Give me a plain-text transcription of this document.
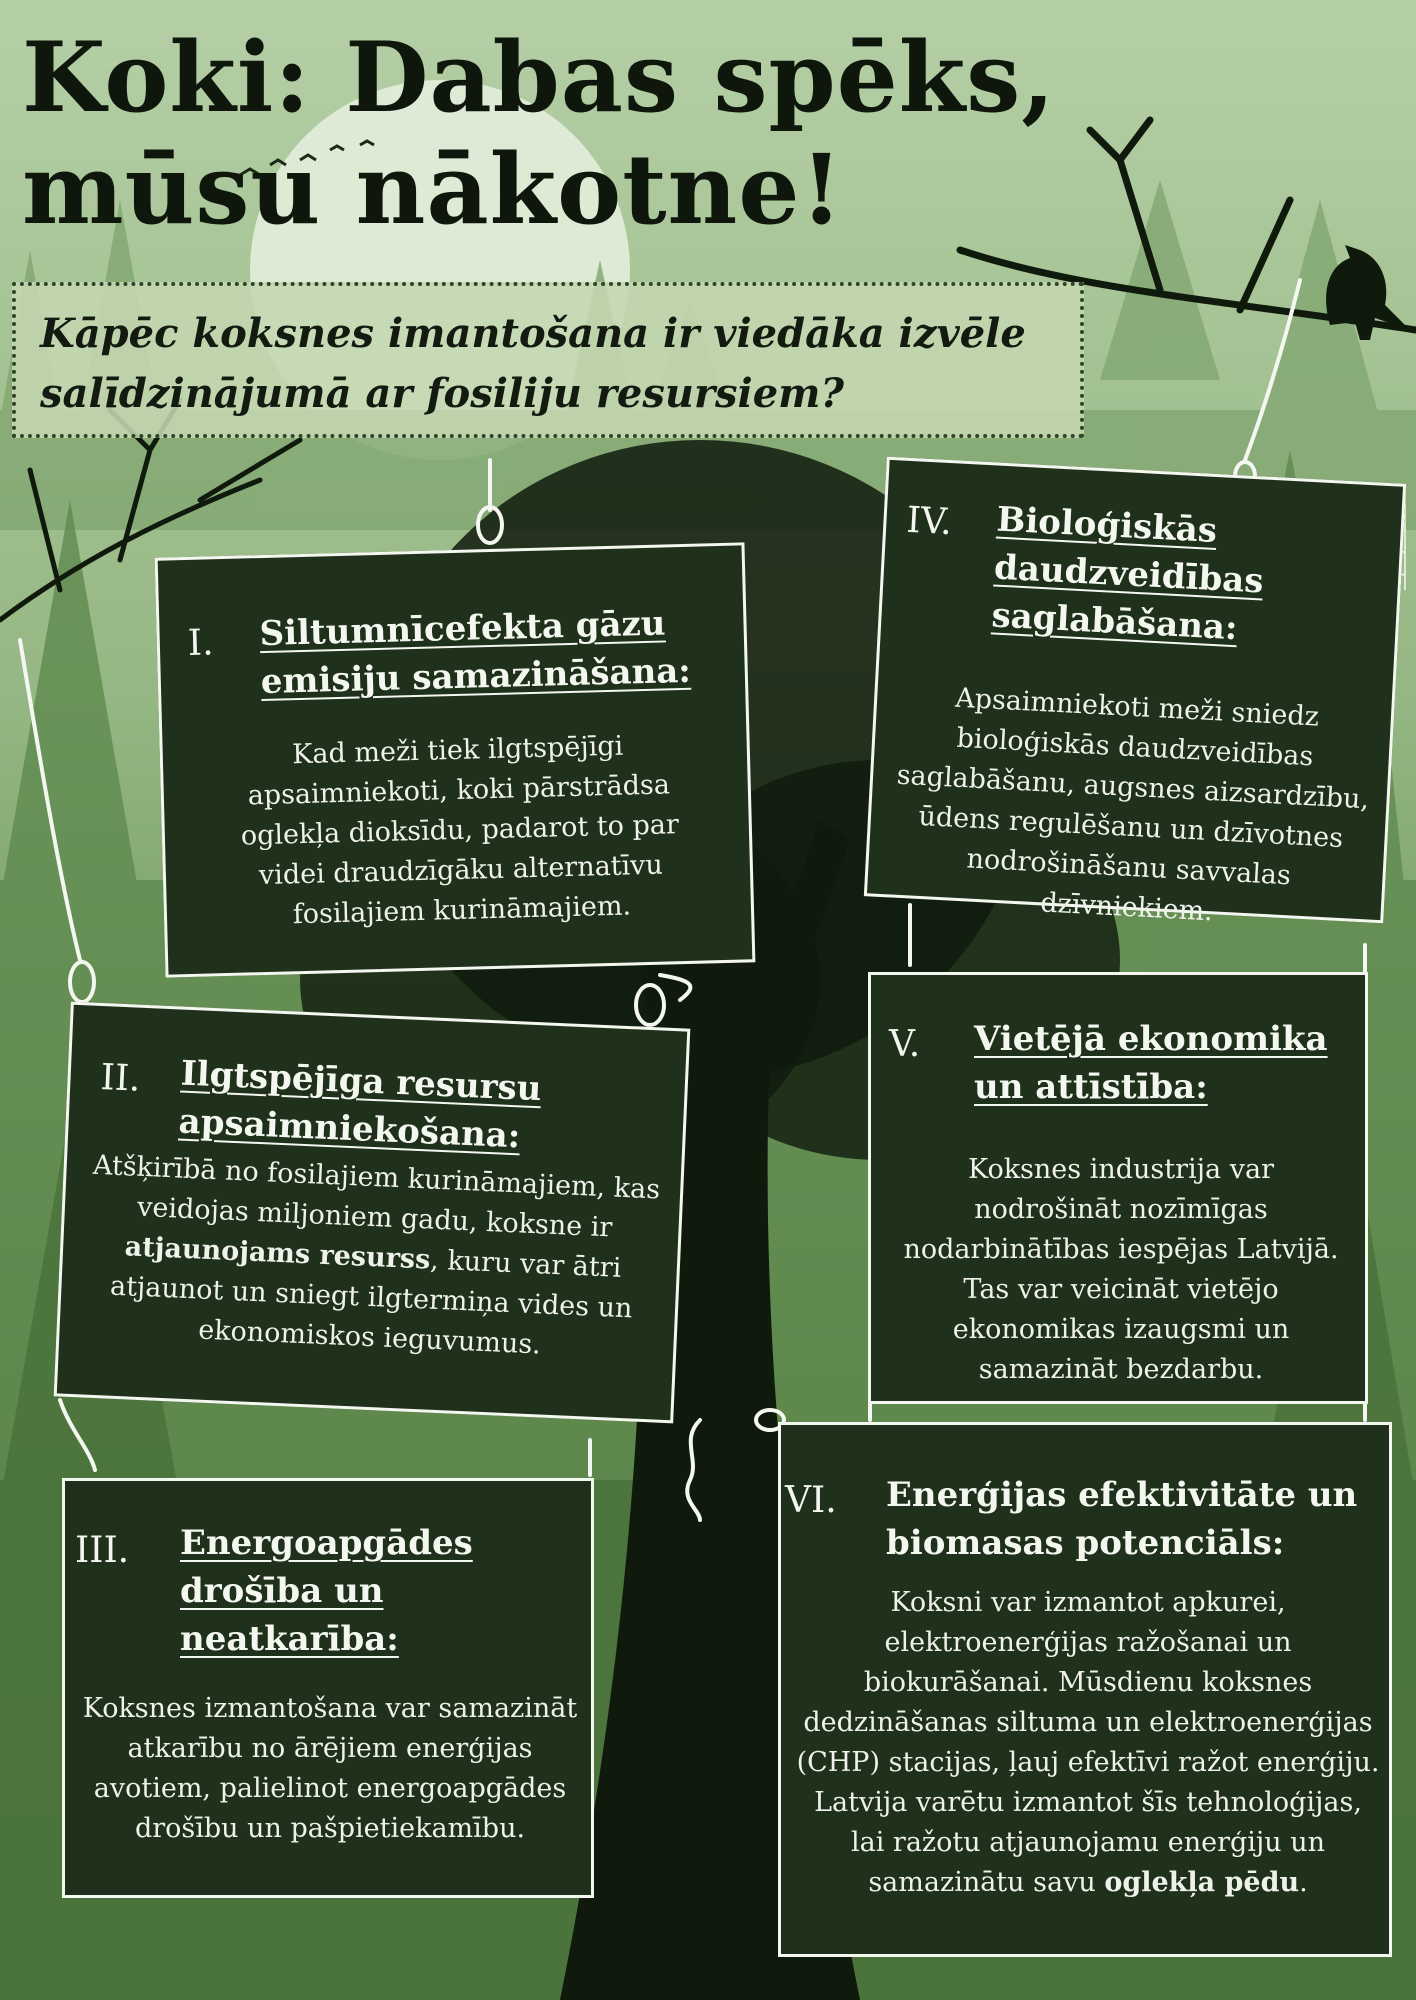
Koki: Dabas spēks, mūsu nākotne!
Kāpēc koksnes imantošana ir viedāka izvēle salīdzinājumā ar fosiliju resursiem?
I. Siltumnīcefekta gāzu emisiju samazināšana:
Kad meži tiek ilgtspējīgi apsaimniekoti, koki pārstrādsa oglekļa dioksīdu, padarot to par videi draudzīgāku alternatīvu fosilajiem kurināmajiem.
II. Ilgtspējīga resursu apsaimniekošana:
Atšķirībā no fosilajiem kurināmajiem, kas veidojas miljoniem gadu, koksne ir atjaunojams resurss, kuru var ātri atjaunot un sniegt ilgtermiņa vides un ekonomiskos ieguvumus.
III. Energoapgādes drošība un neatkarība:
Koksnes izmantošana var samazināt atkarību no ārējiem enerģijas avotiem, palielinot energoapgādes drošību un pašpietiekamību.
IV. Bioloģiskās daudzveidības saglabāšana:
Apsaimniekoti meži sniedz bioloģiskās daudzveidības saglabāšanu, augsnes aizsardzību, ūdens regulēšanu un dzīvotnes nodrošināšanu savvalas dzīvniekiem.
V. Vietējā ekonomika un attīstība:
Koksnes industrija var nodrošināt nozīmīgas nodarbinātības iespējas Latvijā. Tas var veicināt vietējo ekonomikas izaugsmi un samazināt bezdarbu.
VI. Enerģijas efektivitāte un biomasas potenciāls:
Koksni var izmantot apkurei, elektroenerģijas ražošanai un biokurāšanai. Mūsdienu koksnes dedzināšanas siltuma un elektroenerģijas (CHP) stacijas, ļauj efektīvi ražot enerģiju. Latvija varētu izmantot šīs tehnoloģijas, lai ražotu atjaunojamu enerģiju un samazinātu savu oglekļa pēdu.
